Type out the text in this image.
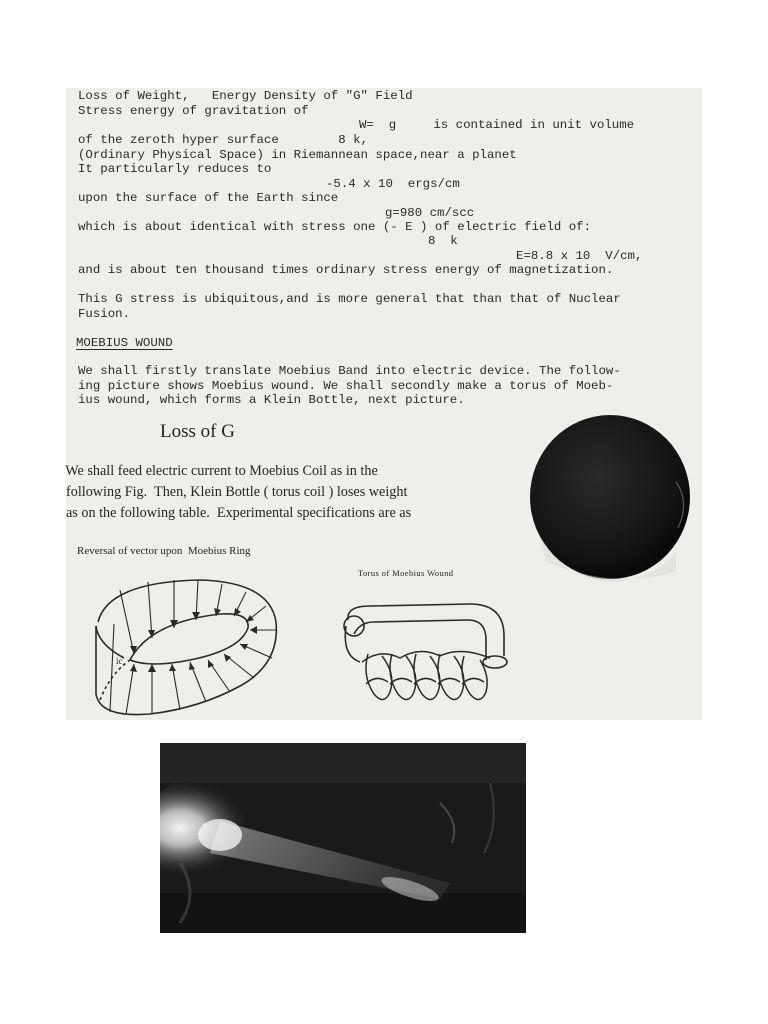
Loss of Weight,   Energy Density of "G" Field
Stress energy of gravitation of
W=  g     is contained in unit volume
of the zeroth hyper surface        8 k,
(Ordinary Physical Space) in Riemannean space,near a planet
It particularly reduces to
-5.4 x 10  ergs/cm
upon the surface of the Earth since
g=980 cm/scc
which is about identical with stress one (- E ) of electric field of:
8  k
E=8.8 x 10  V/cm,
and is about ten thousand times ordinary stress energy of magnetization.
This G stress is ubiquitous,and is more general that than that of Nuclear
Fusion.
MOEBIUS WOUND
We shall firstly translate Moebius Band into electric device. The follow-
ing picture shows Moebius wound. We shall secondly make a torus of Moeb-
ius wound, which forms a Klein Bottle, next picture.
Loss of G
We shall feed electric current to Moebius Coil as in the
following Fig.  Then, Klein Bottle ( torus coil ) loses weight
as on the following table.  Experimental specifications are as
Reversal of vector upon  Moebius Ring
Torus of Moebius Wound
ic
